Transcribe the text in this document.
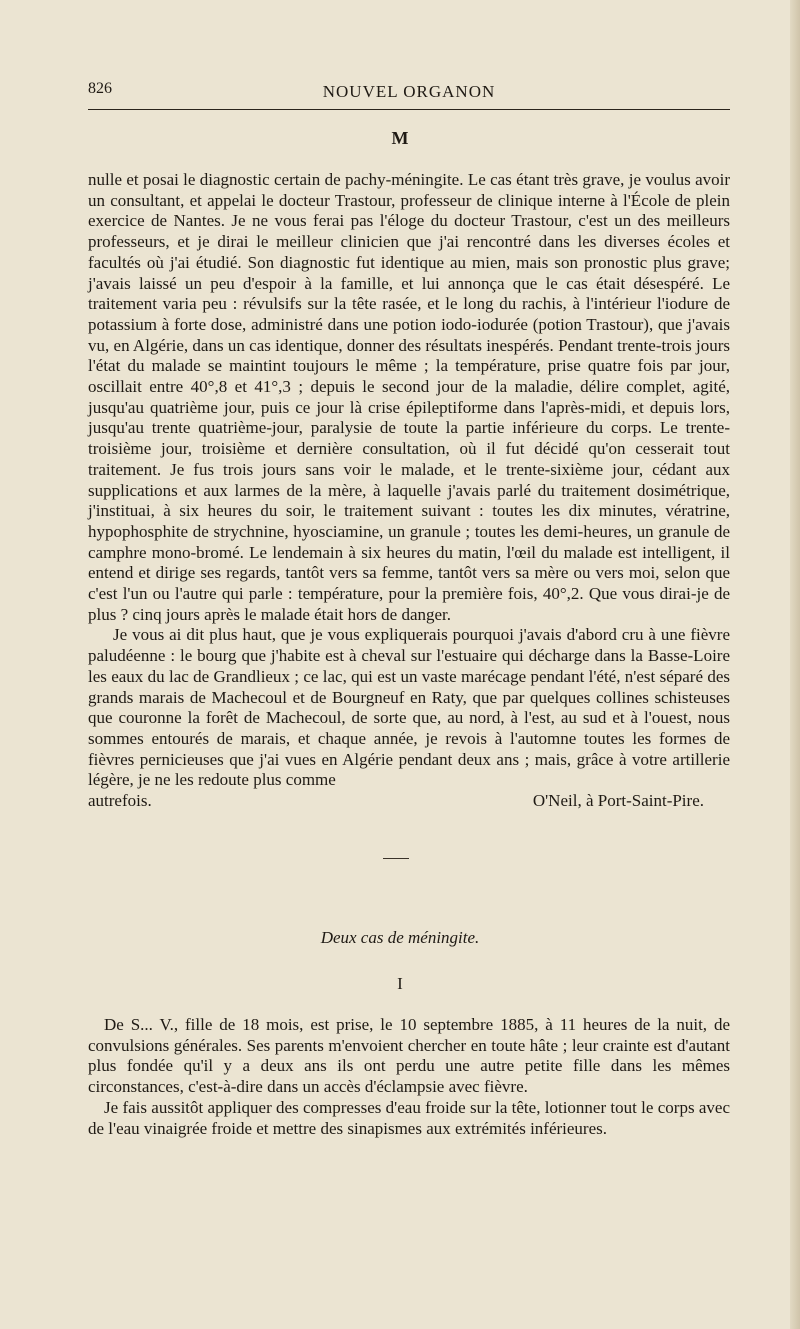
826	NOUVEL ORGANON
M

nulle et posai le diagnostic certain de pachy-méningite. Le cas étant très grave, je voulus avoir un consultant, et appelai le docteur Trastour, professeur de clinique interne à l'École de plein exercice de Nantes. Je ne vous ferai pas l'éloge du docteur Trastour, c'est un des meilleurs professeurs, et je dirai le meilleur clinicien que j'ai rencontré dans les diverses écoles et facultés où j'ai étudié. Son diagnostic fut identique au mien, mais son pronostic plus grave; j'avais laissé un peu d'espoir à la famille, et lui annonça que le cas était désespéré. Le traitement varia peu : révulsifs sur la tête rasée, et le long du rachis, à l'intérieur l'iodure de potassium à forte dose, administré dans une potion iodo-iodurée (potion Trastour), que j'avais vu, en Algérie, dans un cas identique, donner des résultats inespérés. Pendant trente-trois jours l'état du malade se maintint toujours le même ; la température, prise quatre fois par jour, oscillait entre 40°,8 et 41°,3 ; depuis le second jour de la maladie, délire complet, agité, jusqu'au quatrième jour, puis ce jour là crise épileptiforme dans l'après-midi, et depuis lors, jusqu'au trente quatrième-jour, paralysie de toute la partie inférieure du corps. Le trente-troisième jour, troisième et dernière consultation, où il fut décidé qu'on cesserait tout traitement. Je fus trois jours sans voir le malade, et le trente-sixième jour, cédant aux supplications et aux larmes de la mère, à laquelle j'avais parlé du traitement dosimétrique, j'instituai, à six heures du soir, le traitement suivant : toutes les dix minutes, vératrine, hypophosphite de strychnine, hyosciamine, un granule ; toutes les demi-heures, un granule de camphre mono-bromé. Le lendemain à six heures du matin, l'œil du malade est intelligent, il entend et dirige ses regards, tantôt vers sa femme, tantôt vers sa mère ou vers moi, selon que c'est l'un ou l'autre qui parle : température, pour la première fois, 40°,2. Que vous dirai-je de plus ? cinq jours après le malade était hors de danger.

Je vous ai dit plus haut, que je vous expliquerais pourquoi j'avais d'abord cru à une fièvre paludéenne : le bourg que j'habite est à cheval sur l'estuaire qui décharge dans la Basse-Loire les eaux du lac de Grandlieux ; ce lac, qui est un vaste marécage pendant l'été, n'est séparé des grands marais de Machecoul et de Bourgneuf en Raty, que par quelques collines schisteuses que couronne la forêt de Machecoul, de sorte que, au nord, à l'est, au sud et à l'ouest, nous sommes entourés de marais, et chaque année, je revois à l'automne toutes les formes de fièvres pernicieuses que j'ai vues en Algérie pendant deux ans ; mais, grâce à votre artillerie légère, je ne les redoute plus comme

autrefois.	O'Neil, à Port-Saint-Pire.
Deux cas de méningite.
I

De S... V., fille de 18 mois, est prise, le 10 septembre 1885, à 11 heures de la nuit, de convulsions générales. Ses parents m'envoient chercher en toute hâte ; leur crainte est d'autant plus fondée qu'il y a deux ans ils ont perdu une autre petite fille dans les mêmes circonstances, c'est-à-dire dans un accès d'éclampsie avec fièvre.

Je fais aussitôt appliquer des compresses d'eau froide sur la tête, lotionner tout le corps avec de l'eau vinaigrée froide et mettre des sinapismes aux extrémités inférieures.
